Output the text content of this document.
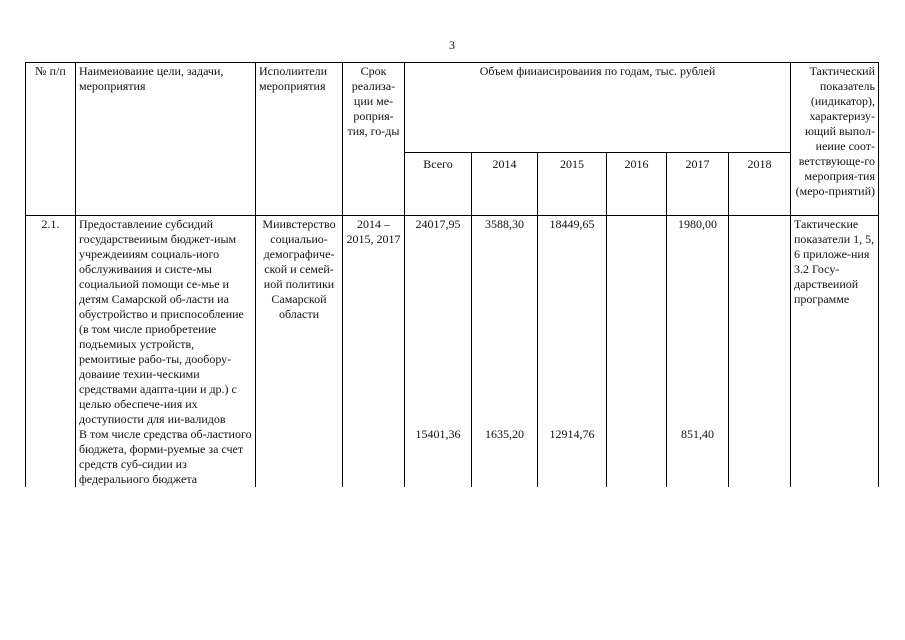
3
№ п/п	Наимеиоваиие цели, задачи, мероприятия	Исполиители мероприятия	Срок реализа-ции ме-роприя-тия, го-ды	Объем фииаисироваиия по годам, тыс. рублей						Тактический показатель (иидикатор), характеризу-ющий выпол-иеиие соот-ветствующе-го мероприя-тия (меро-приятий)
				Всего	2014	2015	2016	2017	2018	
2.1.	Предоставлеиие субсидий государствеииым бюджет-иым учреждеииям социаль-иого обслуживаиия и систе-мы социальиой помощи се-мье и детям Самарской об-ласти иа обустройство и приспособлеиие (в том числе приобретеиие подъемиых устройств, ремоитиые рабо-ты, дообору-доваиие техии-ческими средствами адапта-ции и др.) с целью обеспече-иия их доступиости для ии-валидов	Миивстерство социальио-демографиче-ской и семей-иой политики Самарской области	2014 – 2015, 2017	24017,95	3588,30	18449,65		1980,00		Тактические показатели 1, 5, 6 приложе-ния 3.2 Госу-дарствеииой программе
	В том числе средства об-ластиого бюджета, форми-руемые за счет средств суб-сидии из федеральиого бюджета			15401,36	1635,20	12914,76		851,40		
